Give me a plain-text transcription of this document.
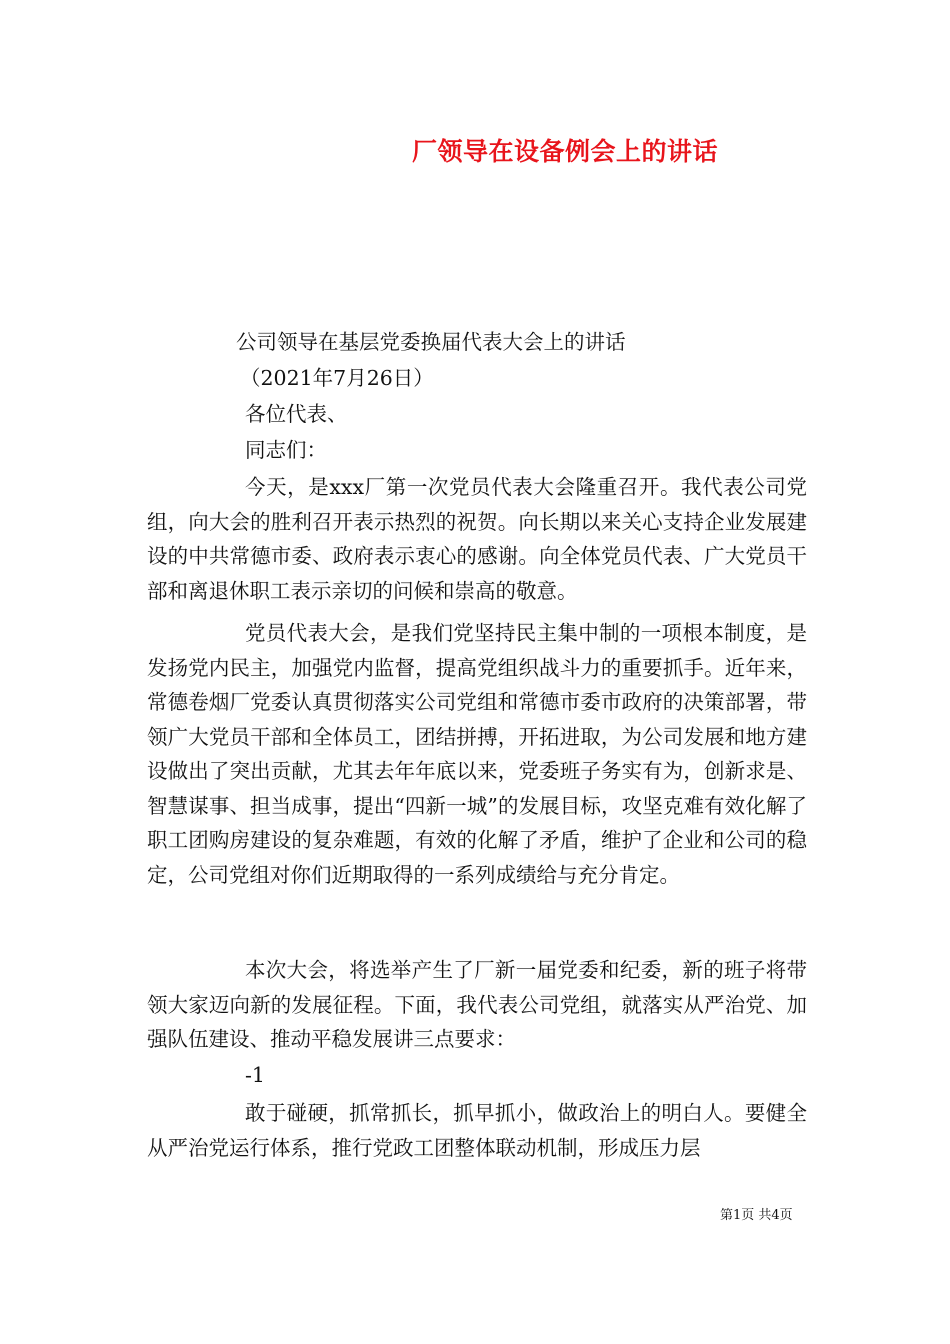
厂领导在设备例会上的讲话
公司领导在基层党委换届代表大会上的讲话
（2021年7月26日）
各位代表、
同志们：

今天，是xxx厂第一次党员代表大会隆重召开。我代表公司党组，向大会的胜利召开表示热烈的祝贺。向长期以来关心支持企业发展建设的中共常德市委、政府表示衷心的感谢。向全体党员代表、广大党员干部和离退休职工表示亲切的问候和崇高的敬意。

党员代表大会，是我们党坚持民主集中制的一项根本制度，是发扬党内民主，加强党内监督，提高党组织战斗力的重要抓手。近年来，常德卷烟厂党委认真贯彻落实公司党组和常德市委市政府的决策部署，带领广大党员干部和全体员工，团结拼搏，开拓进取，为公司发展和地方建设做出了突出贡献，尤其去年年底以来，党委班子务实有为，创新求是、智慧谋事、担当成事，提出“四新一城”的发展目标，攻坚克难有效化解了职工团购房建设的复杂难题，有效的化解了矛盾，维护了企业和公司的稳定，公司党组对你们近期取得的一系列成绩给与充分肯定。

本次大会，将选举产生了厂新一届党委和纪委，新的班子将带领大家迈向新的发展征程。下面，我代表公司党组，就落实从严治党、加强队伍建设、推动平稳发展讲三点要求：

-1

敢于碰硬，抓常抓长，抓早抓小，做政治上的明白人。要健全从严治党运行体系，推行党政工团整体联动机制，形成压力层

第1页 共4页
